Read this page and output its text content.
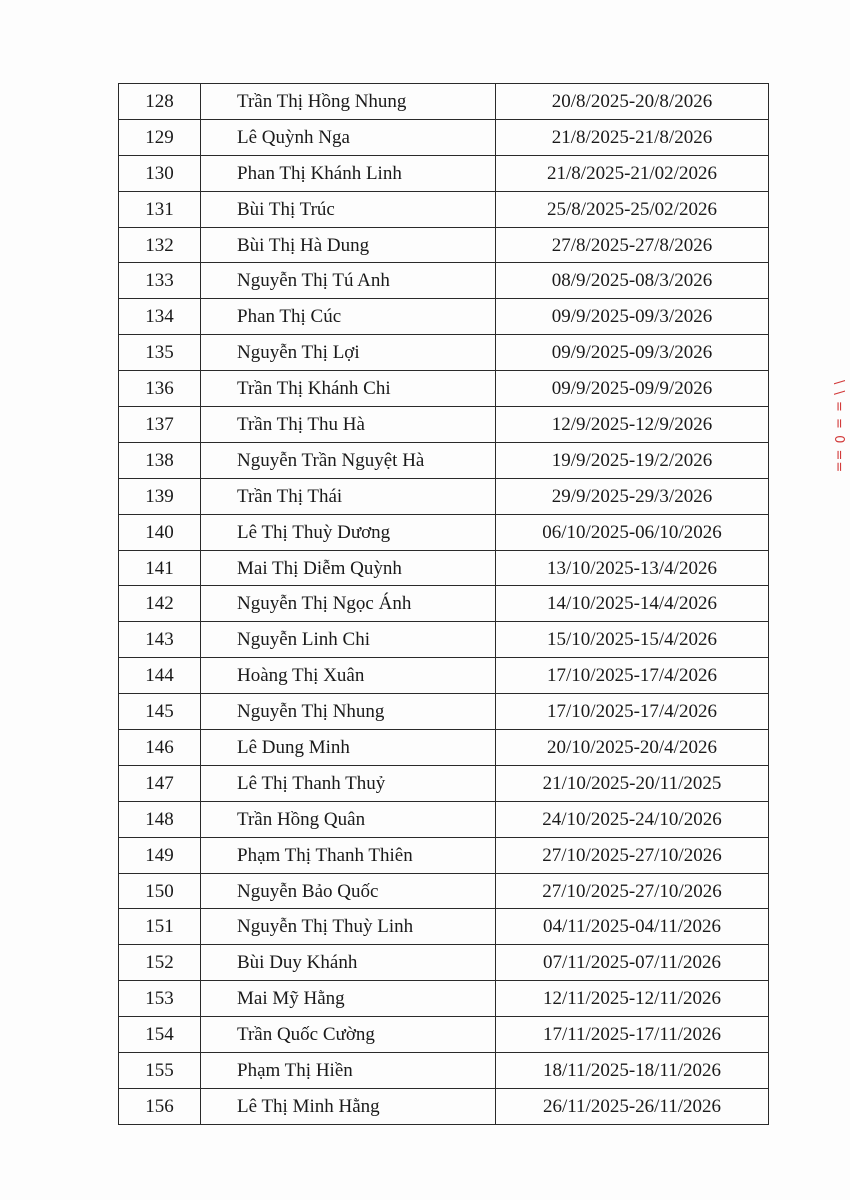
128	Trần Thị Hồng Nhung	20/8/2025-20/8/2026
129	Lê Quỳnh Nga	21/8/2025-21/8/2026
130	Phan Thị Khánh Linh	21/8/2025-21/02/2026
131	Bùi Thị Trúc	25/8/2025-25/02/2026
132	Bùi Thị Hà Dung	27/8/2025-27/8/2026
133	Nguyễn Thị Tú Anh	08/9/2025-08/3/2026
134	Phan Thị Cúc	09/9/2025-09/3/2026
135	Nguyễn Thị Lợi	09/9/2025-09/3/2026
136	Trần Thị Khánh Chi	09/9/2025-09/9/2026
137	Trần Thị Thu Hà	12/9/2025-12/9/2026
138	Nguyễn Trần Nguyệt Hà	19/9/2025-19/2/2026
139	Trần Thị Thái	29/9/2025-29/3/2026
140	Lê Thị Thuỳ Dương	06/10/2025-06/10/2026
141	Mai Thị Diễm Quỳnh	13/10/2025-13/4/2026
142	Nguyễn Thị Ngọc Ánh	14/10/2025-14/4/2026
143	Nguyễn Linh Chi	15/10/2025-15/4/2026
144	Hoàng Thị Xuân	17/10/2025-17/4/2026
145	Nguyễn Thị Nhung	17/10/2025-17/4/2026
146	Lê Dung Minh	20/10/2025-20/4/2026
147	Lê Thị Thanh Thuỷ	21/10/2025-20/11/2025
148	Trần Hồng Quân	24/10/2025-24/10/2026
149	Phạm Thị Thanh Thiên	27/10/2025-27/10/2026
150	Nguyễn Bảo Quốc	27/10/2025-27/10/2026
151	Nguyễn Thị Thuỳ Linh	04/11/2025-04/11/2026
152	Bùi Duy Khánh	07/11/2025-07/11/2026
153	Mai Mỹ Hằng	12/11/2025-12/11/2026
154	Trần Quốc Cường	17/11/2025-17/11/2026
155	Phạm Thị Hiền	18/11/2025-18/11/2026
156	Lê Thị Minh Hằng	26/11/2025-26/11/2026
\ \ = = 0 ==
